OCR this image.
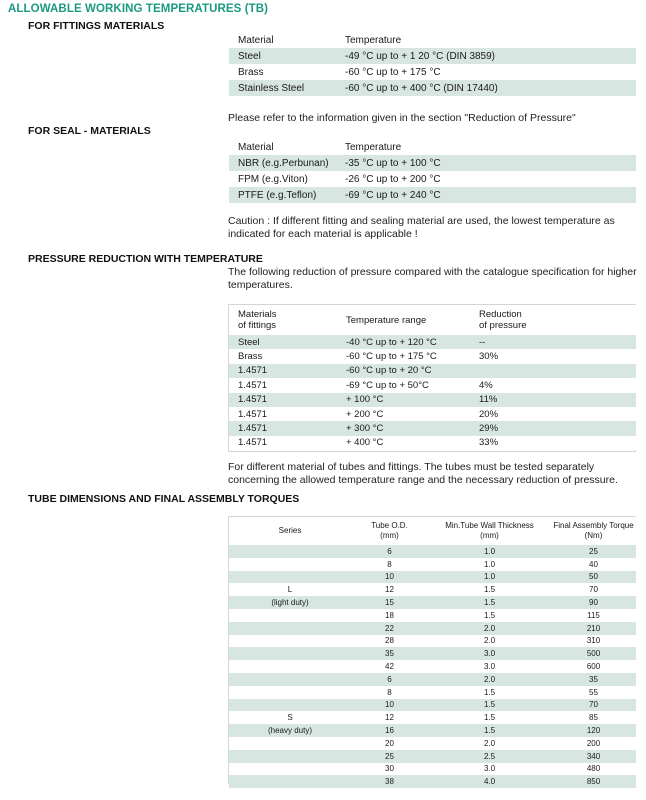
ALLOWABLE WORKING TEMPERATURES (TB)
FOR FITTINGS MATERIALS
Material	Temperature
Steel	-49 °C up to + 1 20 °C (DIN 3859)
Brass	-60 °C up to + 175 °C
Stainless Steel	-60 °C up to + 400 °C (DIN 17440)
Please refer to the information given in the section "Reduction of Pressure"
FOR SEAL - MATERIALS
Material	Temperature
NBR (e.g.Perbunan)	-35 °C up to + 100 °C
FPM (e.g.Viton)	-26 °C up to + 200 °C
PTFE (e.g.Teflon)	-69 °C up to + 240 °C
Caution : If different fitting and sealing material are used, the lowest temperature as indicated for each material is applicable !
PRESSURE REDUCTION WITH TEMPERATURE
The following reduction of pressure compared with the catalogue specification for higher temperatures.
Materials
of fittings	Temperature range	Reduction
of pressure
Steel	-40 °C up to + 120 °C	--
Brass	-60 °C up to + 175 °C	30%
1.4571	-60 °C up to + 20 °C	
1.4571	-69 °C up to + 50°C	4%
1.4571	+ 100 °C	11%
1.4571	+ 200 °C	20%
1.4571	+ 300 °C	29%
1.4571	+ 400 °C	33%
For different material of tubes and fittings. The tubes must be tested separately concerning the allowed temperature range and the necessary reduction of pressure.
TUBE DIMENSIONS AND FINAL ASSEMBLY TORQUES
Series	Tube O.D.
(mm)	Min.Tube Wall Thickness
(mm)	Final Assembly Torque
(Nm)
	6	1.0	25
	8	1.0	40
	10	1.0	50
L	12	1.5	70
(light duty)	15	1.5	90
	18	1.5	115
	22	2.0	210
	28	2.0	310
	35	3.0	500
	42	3.0	600
	6	2.0	35
	8	1.5	55
	10	1.5	70
S	12	1.5	85
(heavy duty)	16	1.5	120
	20	2.0	200
	25	2.5	340
	30	3.0	480
	38	4.0	850
